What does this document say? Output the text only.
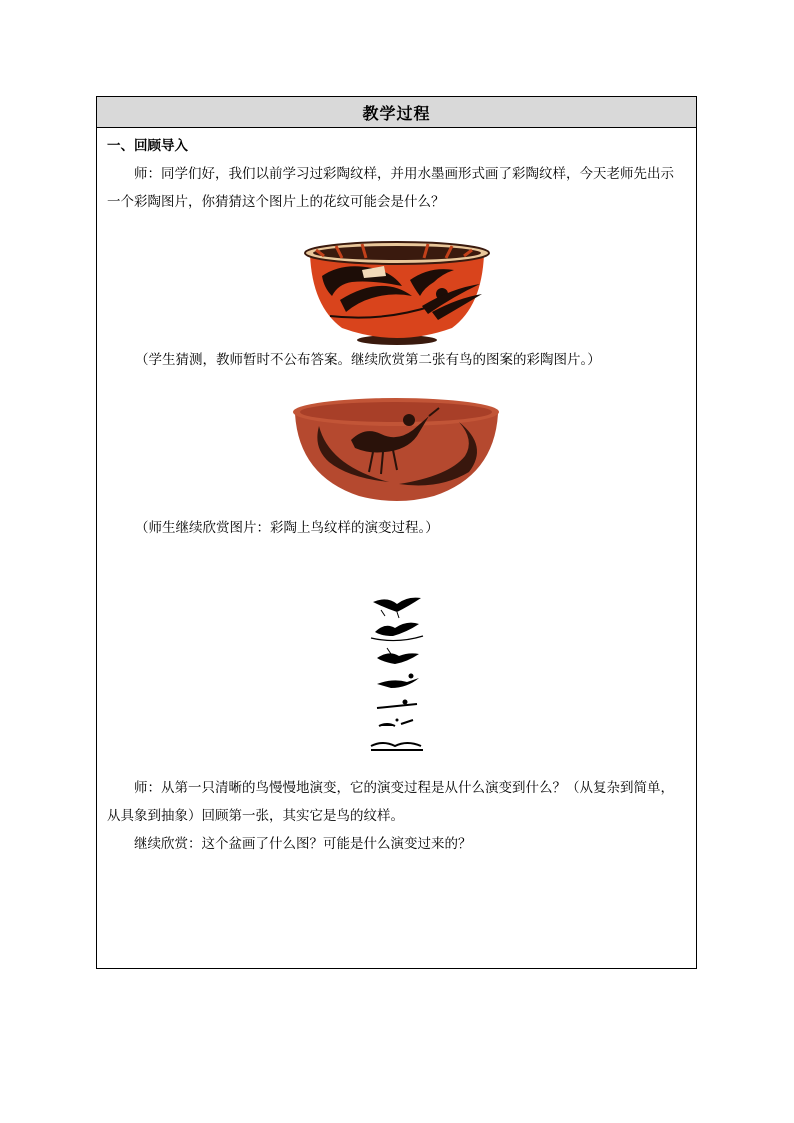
教学过程
一、回顾导入
师：同学们好，我们以前学习过彩陶纹样，并用水墨画形式画了彩陶纹样，今天老师先出示一个彩陶图片，你猜猜这个图片上的花纹可能会是什么？
（学生猜测，教师暂时不公布答案。继续欣赏第二张有鸟的图案的彩陶图片。）
（师生继续欣赏图片：彩陶上鸟纹样的演变过程。）
师：从第一只清晰的鸟慢慢地演变，它的演变过程是从什么演变到什么？（从复杂到简单，从具象到抽象）回顾第一张，其实它是鸟的纹样。
继续欣赏：这个盆画了什么图？可能是什么演变过来的？
